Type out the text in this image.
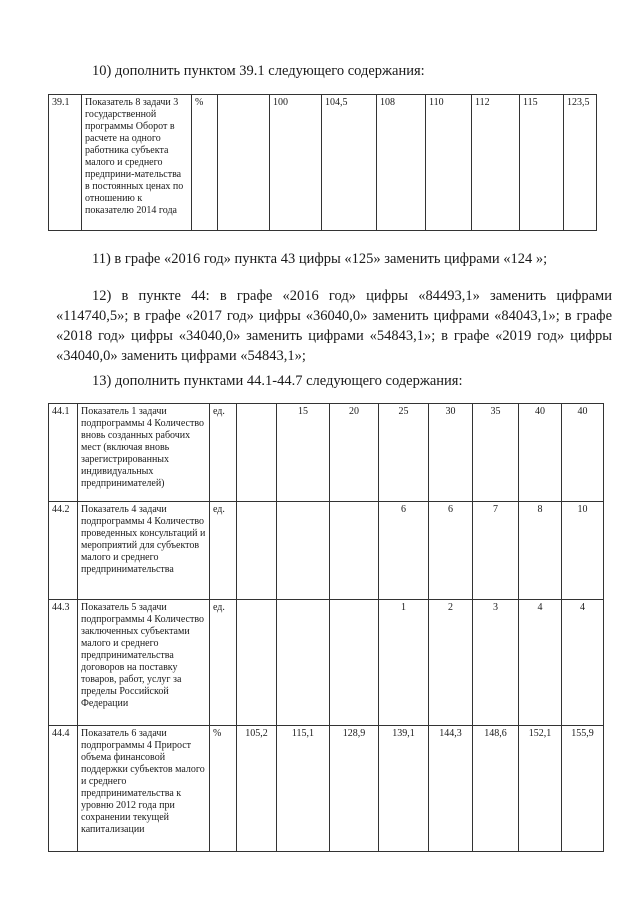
10) дополнить пунктом 39.1 следующего содержания:
39.1	Показатель 8 задачи 3 государственной программы Оборот в расчете на одного работника субъекта малого и среднего предприни-мательства в постоянных ценах по отношению к показателю 2014 года	%		100	104,5	108	110	112	115	123,5
11) в графе «2016 год» пункта 43 цифры «125» заменить цифрами «124 »;
12) в пункте 44: в графе «2016 год» цифры «84493,1» заменить цифрами «114740,5»; в графе «2017 год» цифры «36040,0» заменить цифрами «84043,1»; в графе «2018 год» цифры «34040,0» заменить цифрами «54843,1»; в графе «2019 год» цифры «34040,0» заменить цифрами «54843,1»;
13) дополнить пунктами 44.1-44.7 следующего содержания:
44.1	Показатель 1 задачи подпрограммы 4 Количество вновь созданных рабочих мест (включая вновь зарегистрированных индивидуальных предпринимателей)	ед.		15	20	25	30	35	40	40
44.2	Показатель 4 задачи подпрограммы 4 Количество проведенных консультаций и мероприятий для субъектов малого и среднего предпринимательства	ед.				6	6	7	8	10
44.3	Показатель 5 задачи подпрограммы 4 Количество заключенных субъектами малого и среднего предпринимательства договоров на поставку товаров, работ, услуг за пределы Российской Федерации	ед.				1	2	3	4	4
44.4	Показатель 6 задачи подпрограммы 4 Прирост объема финансовой поддержки субъектов малого и среднего предпринимательства к уровню 2012 года при сохранении текущей капитализации	%	105,2	115,1	128,9	139,1	144,3	148,6	152,1	155,9
